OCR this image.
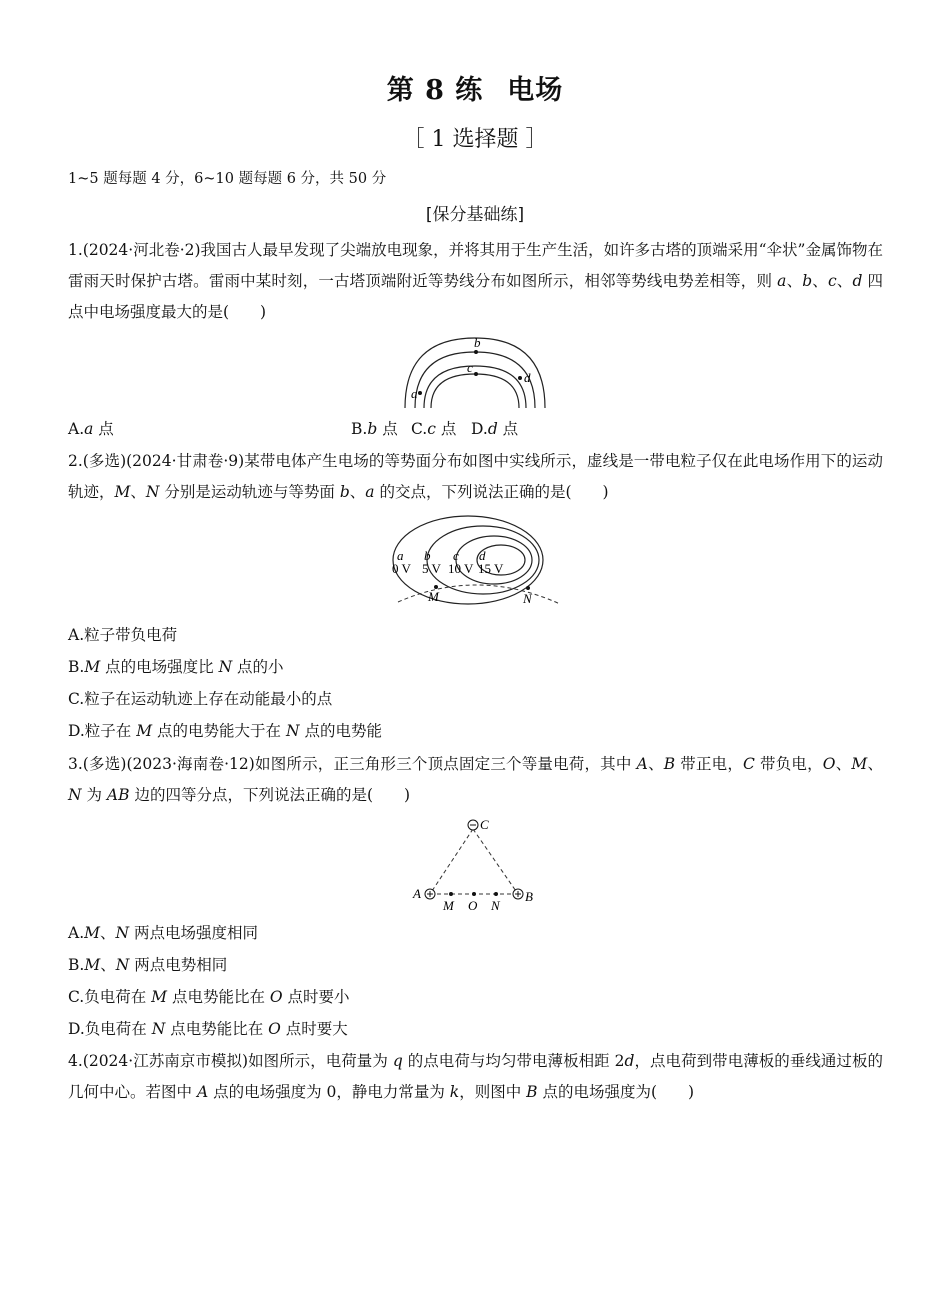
第 8 练 电场
［ 1 选择题 ］
1~5 题每题 4 分，6~10 题每题 6 分，共 50 分
[保分基础练]
1.(2024·河北卷·2)我国古人最早发现了尖端放电现象，并将其用于生产生活，如许多古塔的顶端采用“伞状”金属饰物在雷雨天时保护古塔。雷雨中某时刻，一古塔顶端附近等势线分布如图所示，相邻等势线电势差相等，则 a、b、c、d 四点中电场强度最大的是(　　)
b
c
a
d
A.a 点	B.b 点 C.c 点 D.d 点
2.(多选)(2024·甘肃卷·9)某带电体产生电场的等势面分布如图中实线所示，虚线是一带电粒子仅在此电场作用下的运动轨迹，M、N 分别是运动轨迹与等势面 b、a 的交点，下列说法正确的是(　　)
a b c d
0 V 5 V 10 V 15 V
M	N
A.粒子带负电荷
B.M 点的电场强度比 N 点的小
C.粒子在运动轨迹上存在动能最小的点
D.粒子在 M 点的电势能大于在 N 点的电势能
3.(多选)(2023·海南卷·12)如图所示，正三角形三个顶点固定三个等量电荷，其中 A、B 带正电，C 带负电，O、M、N 为 AB 边的四等分点，下列说法正确的是(　　)
C
A	B
M O N
A.M、N 两点电场强度相同
B.M、N 两点电势相同
C.负电荷在 M 点电势能比在 O 点时要小
D.负电荷在 N 点电势能比在 O 点时要大
4.(2024·江苏南京市模拟)如图所示，电荷量为 q 的点电荷与均匀带电薄板相距 2d，点电荷到带电薄板的垂线通过板的几何中心。若图中 A 点的电场强度为 0，静电力常量为 k，则图中 B 点的电场强度为(　　)
